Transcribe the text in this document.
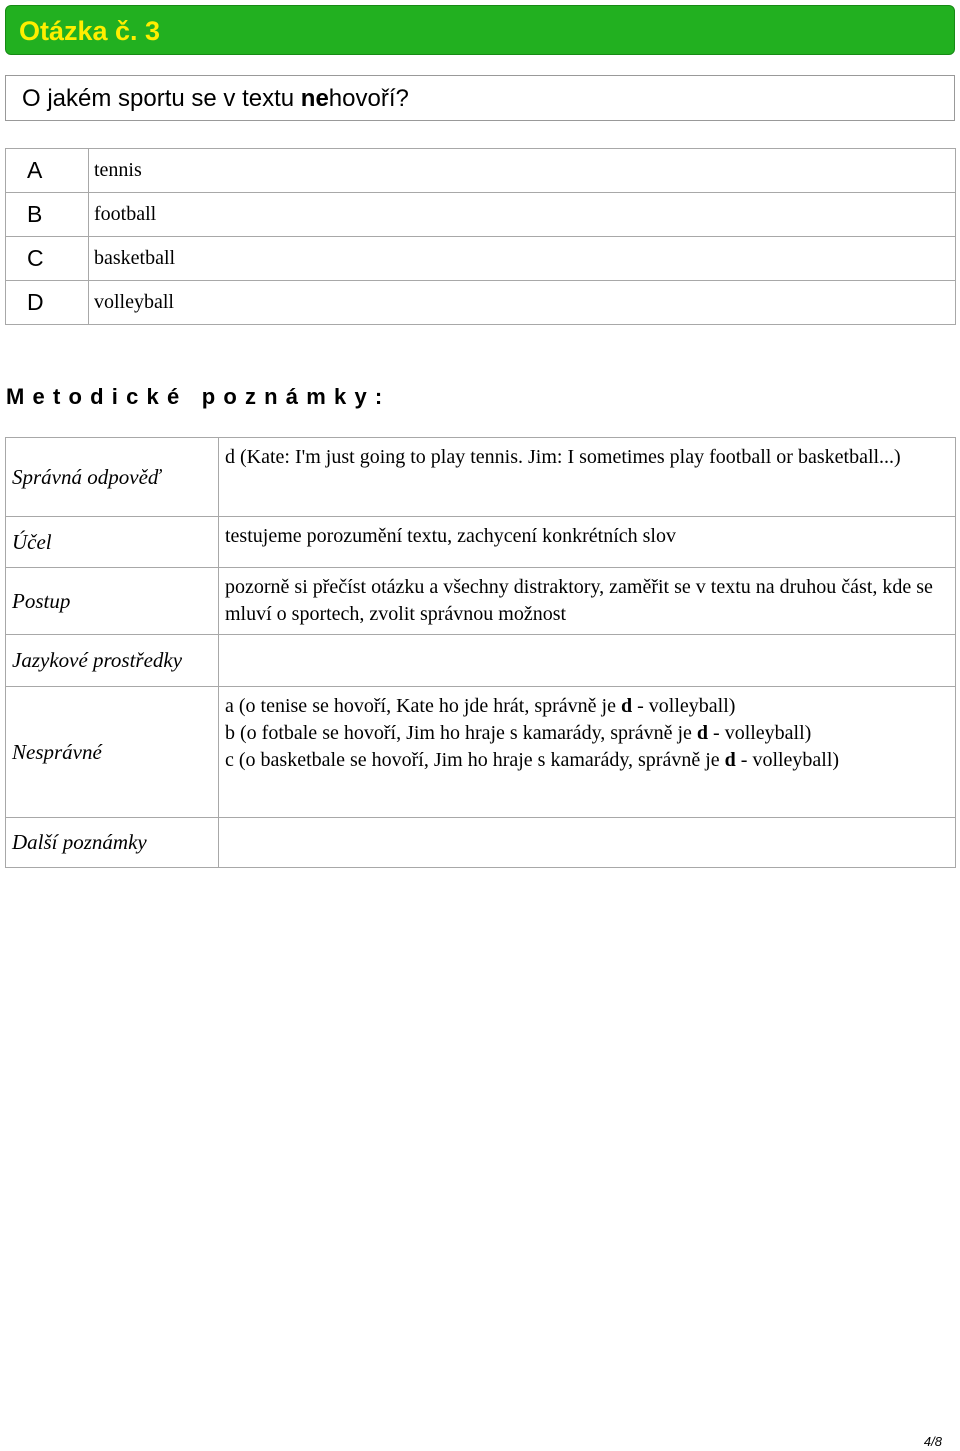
Otázka č. 3
O jakém sportu se v textu nehovoří?
A	tennis
B	football
C	basketball
D	volleyball
Metodické poznámky:
Správná odpověď	d (Kate: I'm just going to play tennis. Jim: I sometimes play football or basketball...)
Účel	testujeme porozumění textu, zachycení konkrétních slov
Postup	pozorně si přečíst otázku a všechny distraktory, zaměřit se v textu na druhou část, kde se mluví o sportech, zvolit správnou možnost
Jazykové prostředky	
Nesprávné	a (o tenise se hovoří, Kate ho jde hrát, správně je d - volleyball)
b (o fotbale se hovoří, Jim ho hraje s kamarády, správně je d - volleyball)
c (o basketbale se hovoří, Jim ho hraje s kamarády, správně je d - volleyball)

Další poznámky	
4/8
